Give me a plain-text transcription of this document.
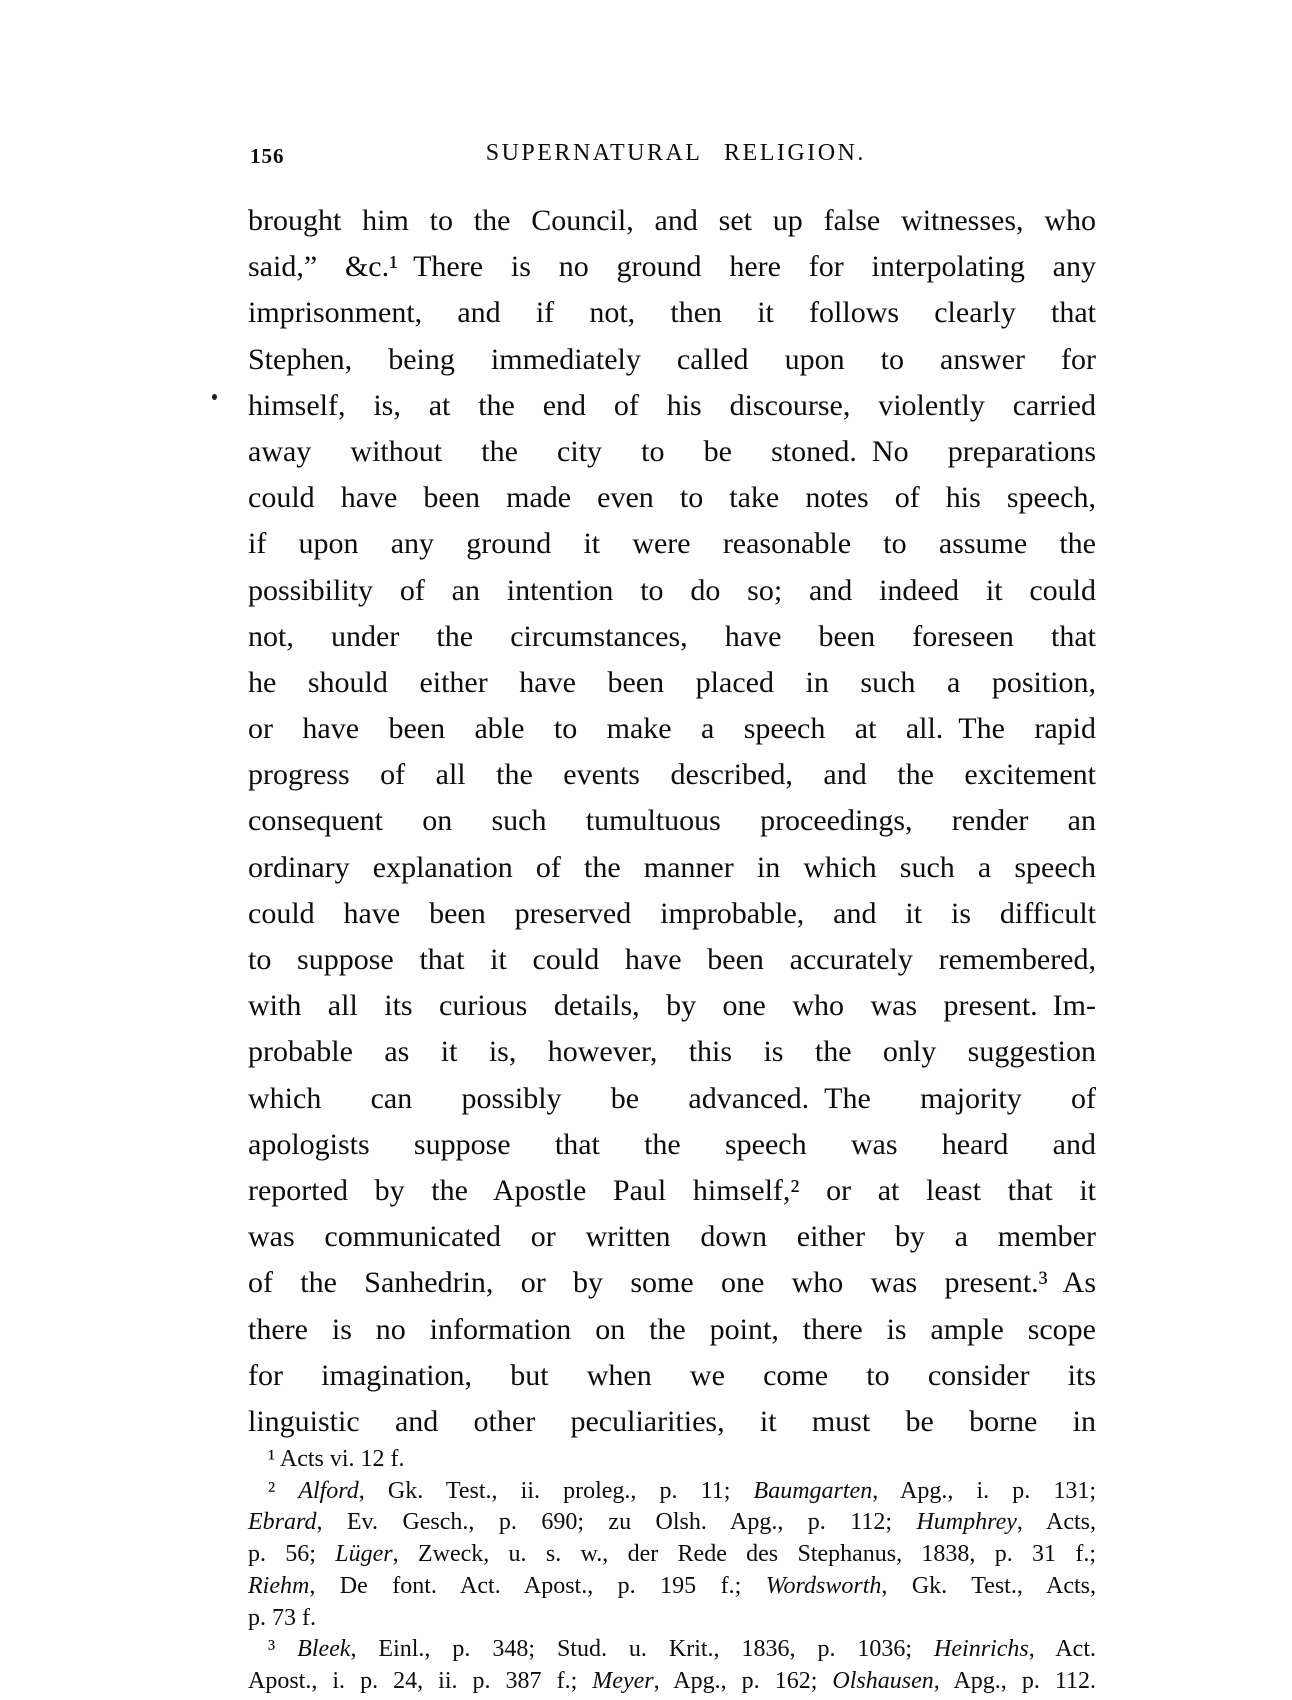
156	SUPERNATURAL RELIGION.
brought him to the Council, and set up false witnesses, who
said,” &c.¹ There is no ground here for interpolating any
imprisonment, and if not, then it follows clearly that
Stephen, being immediately called upon to answer for
himself, is, at the end of his discourse, violently carried
away without the city to be stoned. No preparations
could have been made even to take notes of his speech,
if upon any ground it were reasonable to assume the
possibility of an intention to do so; and indeed it could
not, under the circumstances, have been foreseen that
he should either have been placed in such a position,
or have been able to make a speech at all. The rapid
progress of all the events described, and the excitement
consequent on such tumultuous proceedings, render an
ordinary explanation of the manner in which such a speech
could have been preserved improbable, and it is difficult
to suppose that it could have been accurately remembered,
with all its curious details, by one who was present. Im-
probable as it is, however, this is the only suggestion
which can possibly be advanced. The majority of
apologists suppose that the speech was heard and
reported by the Apostle Paul himself,² or at least that it
was communicated or written down either by a member
of the Sanhedrin, or by some one who was present.³ As
there is no information on the point, there is ample scope
for imagination, but when we come to consider its
linguistic and other peculiarities, it must be borne in
¹ Acts vi. 12 f.
² Alford, Gk. Test., ii. proleg., p. 11; Baumgarten, Apg., i. p. 131;
Ebrard, Ev. Gesch., p. 690; zu Olsh. Apg., p. 112; Humphrey, Acts,
p. 56; Lüger, Zweck, u. s. w., der Rede des Stephanus, 1838, p. 31 f.;
Riehm, De font. Act. Apost., p. 195 f.; Wordsworth, Gk. Test., Acts,
p. 73 f.
³ Bleek, Einl., p. 348; Stud. u. Krit., 1836, p. 1036; Heinrichs, Act.
Apost., i. p. 24, ii. p. 387 f.; Meyer, Apg., p. 162; Olshausen, Apg., p. 112.
